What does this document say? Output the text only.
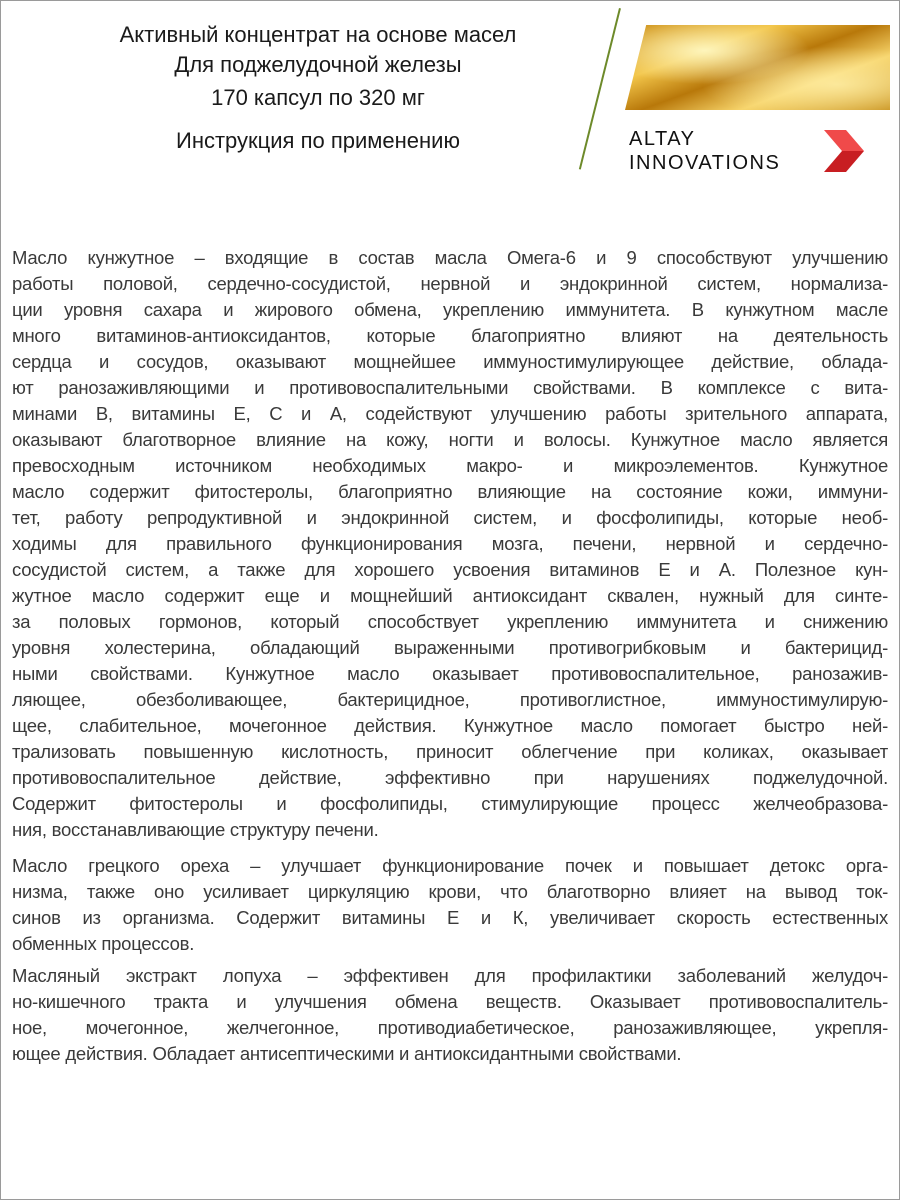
Активный концентрат на основе масел
Для поджелудочной железы
170 капсул по 320 мг
Инструкция по применению	ALTAY
INNOVATIONS
Масло кунжутное – входящие в состав масла Омега-6 и 9 способствуют улучшению
работы половой, сердечно-сосудистой, нервной и эндокринной систем, нормализа-
ции уровня сахара и жирового обмена, укреплению иммунитета. В кунжутном масле
много витаминов-антиоксидантов, которые благоприятно влияют на деятельность
сердца и сосудов, оказывают мощнейшее иммуностимулирующее действие, облада-
ют ранозаживляющими и противовоспалительными свойствами. В комплексе с вита-
минами В, витамины Е, С и А, содействуют улучшению работы зрительного аппарата,
оказывают благотворное влияние на кожу, ногти и волосы. Кунжутное масло является
превосходным источником необходимых макро- и микроэлементов. Кунжутное
масло содержит фитостеролы, благоприятно влияющие на состояние кожи, иммуни-
тет, работу репродуктивной и эндокринной систем, и фосфолипиды, которые необ-
ходимы для правильного функционирования мозга, печени, нервной и сердечно-
сосудистой систем, а также для хорошего усвоения витаминов Е и А. Полезное кун-
жутное масло содержит еще и мощнейший антиоксидант сквален, нужный для синте-
за половых гормонов, который способствует укреплению иммунитета и снижению
уровня холестерина, обладающий выраженными противогрибковым и бактерицид-
ными свойствами. Кунжутное масло оказывает противовоспалительное, ранозажив-
ляющее, обезболивающее, бактерицидное, противоглистное, иммуностимулирую-
щее, слабительное, мочегонное действия. Кунжутное масло помогает быстро ней-
трализовать повышенную кислотность, приносит облегчение при коликах, оказывает
противовоспалительное действие, эффективно при нарушениях поджелудочной.
Содержит фитостеролы и фосфолипиды, стимулирующие процесс желчеобразова-
ния, восстанавливающие структуру печени.
Масло грецкого ореха – улучшает функционирование почек и повышает детокс орга-
низма, также оно усиливает циркуляцию крови, что благотворно влияет на вывод ток-
синов из организма. Содержит витамины Е и К, увеличивает скорость естественных
обменных процессов.
Масляный экстракт лопуха – эффективен для профилактики заболеваний желудоч-
но-кишечного тракта и улучшения обмена веществ. Оказывает противовоспалитель-
ное, мочегонное, желчегонное, противодиабетическое, ранозаживляющее, укрепля-
ющее действия. Обладает антисептическими и антиоксидантными свойствами.
